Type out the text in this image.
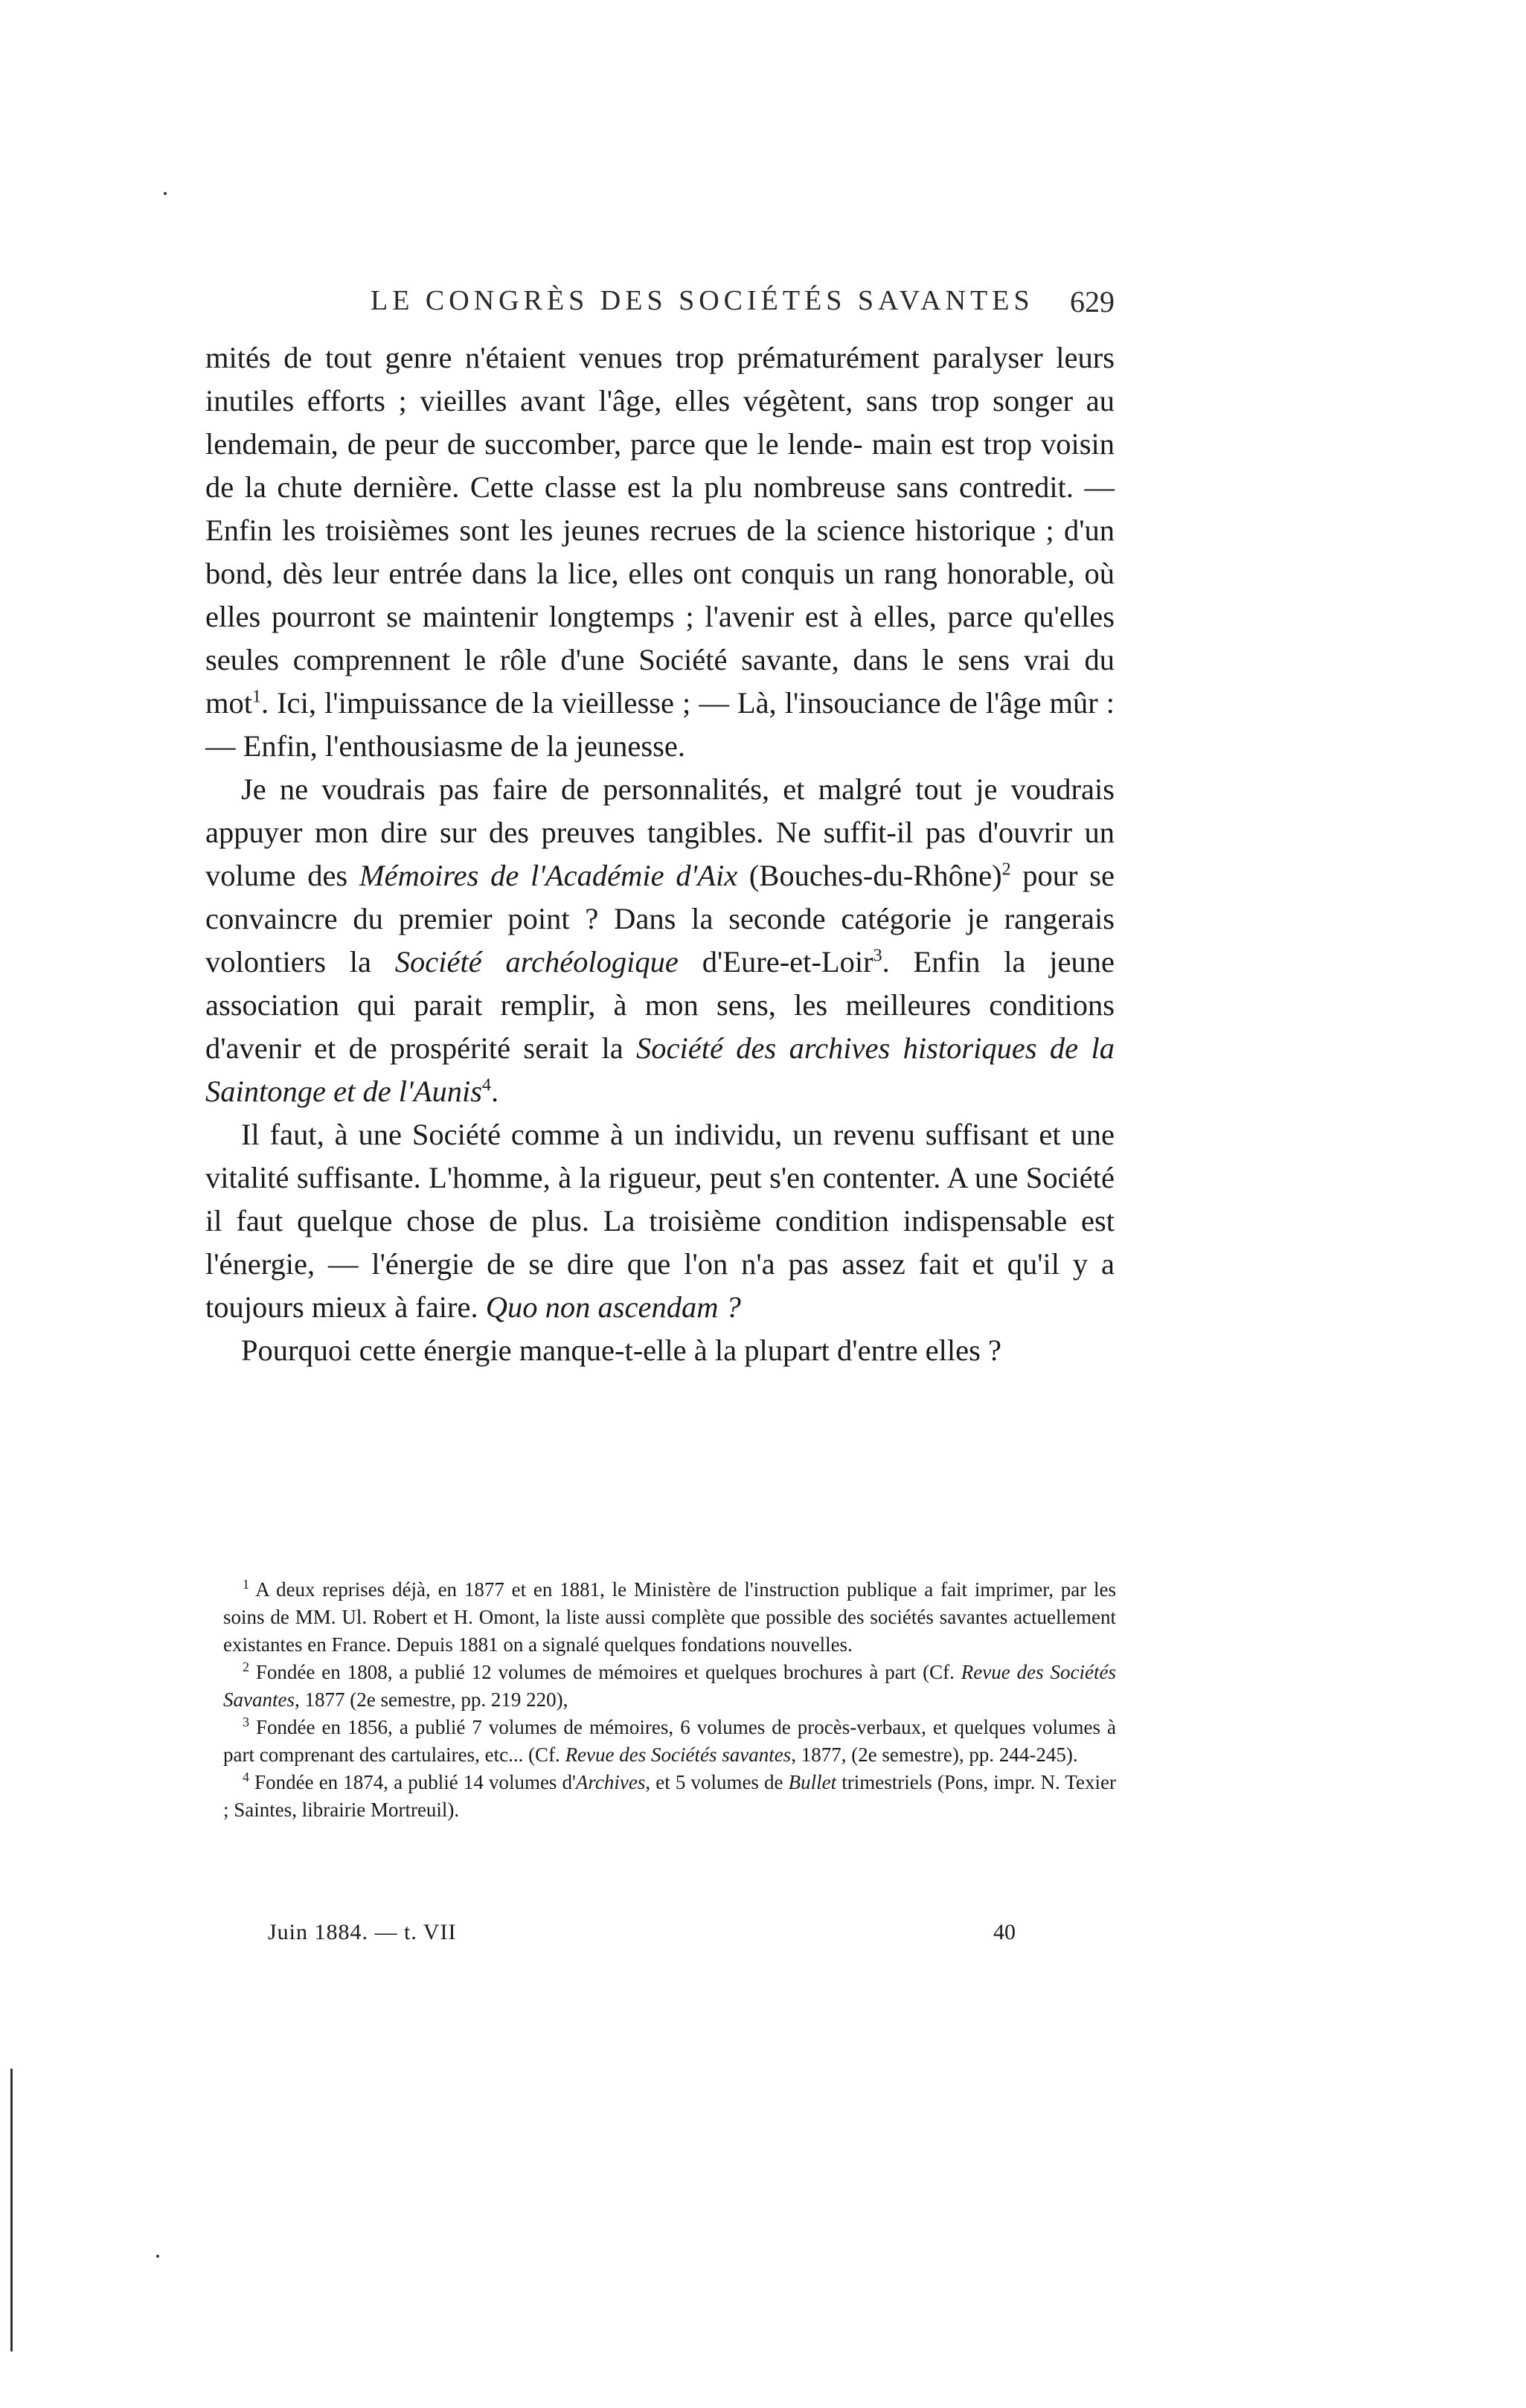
LE CONGRÈS DES SOCIÉTÉS SAVANTES 629

mités de tout genre n'étaient venues trop prématurément paralyser leurs inutiles efforts ; vieilles avant l'âge, elles végètent, sans trop songer au lendemain, de peur de succomber, parce que le lende- main est trop voisin de la chute dernière. Cette classe est la plu nombreuse sans contredit. — Enfin les troisièmes sont les jeunes recrues de la science historique ; d'un bond, dès leur entrée dans la lice, elles ont conquis un rang honorable, où elles pourront se maintenir longtemps ; l'avenir est à elles, parce qu'elles seules comprennent le rôle d'une Société savante, dans le sens vrai du mot$^1$. Ici, l'impuissance de la vieillesse ; — Là, l'insouciance de l'âge mûr : — Enfin, l'enthousiasme de la jeunesse.

Je ne voudrais pas faire de personnalités, et malgré tout je voudrais appuyer mon dire sur des preuves tangibles. Ne suffit-il pas d'ouvrir un volume des Mémoires de l'Académie d'Aix (Bouches-du-Rhône)$^2$ pour se convaincre du premier point ? Dans la seconde catégorie je rangerais volontiers la Société archéologique d'Eure-et-Loir$^3$. Enfin la jeune association qui parait remplir, à mon sens, les meilleures conditions d'avenir et de prospérité serait la Société des archives historiques de la Saintonge et de l'Aunis$^4$.

Il faut, à une Société comme à un individu, un revenu suffisant et une vitalité suffisante. L'homme, à la rigueur, peut s'en contenter. A une Société il faut quelque chose de plus. La troisième condition indispensable est l'énergie, — l'énergie de se dire que l'on n'a pas assez fait et qu'il y a toujours mieux à faire. Quo non ascendam ?

Pourquoi cette énergie manque-t-elle à la plupart d'entre elles ?

$^1$ A deux reprises déjà, en 1877 et en 1881, le Ministère de l'instruction publique a fait imprimer, par les soins de MM. Ul. Robert et H. Omont, la liste aussi complète que possible des sociétés savantes actuellement existantes en France. Depuis 1881 on a signalé quelques fondations nouvelles.

$^2$ Fondée en 1808, a publié 12 volumes de mémoires et quelques brochures à part (Cf. Revue des Sociétés Savantes, 1877 (2e semestre, pp. 219 220),

$^3$ Fondée en 1856, a publié 7 volumes de mémoires, 6 volumes de procès-verbaux, et quelques volumes à part comprenant des cartulaires, etc... (Cf. Revue des Sociétés savantes, 1877, (2e semestre), pp. 244-245).

$^4$ Fondée en 1874, a publié 14 volumes d'Archives, et 5 volumes de Bullet trimestriels (Pons, impr. N. Texier ; Saintes, librairie Mortreuil).

Juin 1884. — t. VII	40
